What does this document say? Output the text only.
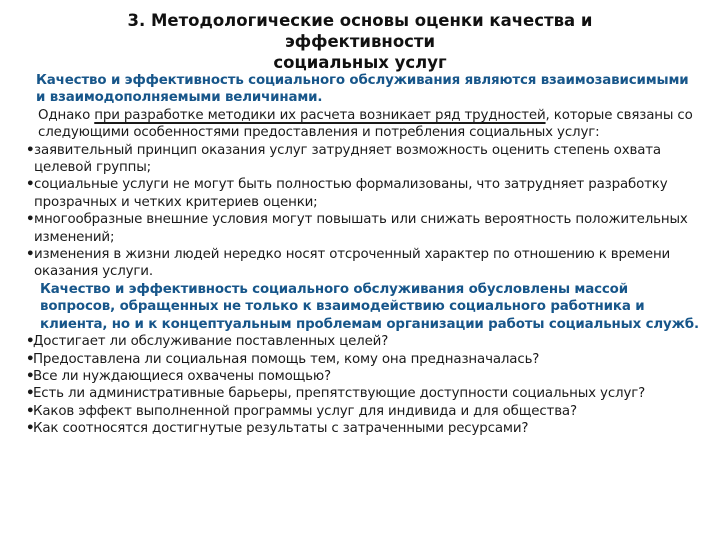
3. Методологические основы оценки качества и эффективности
социальных услуг

Качество и эффективность социального обслуживания являются взаимозависимыми и взаимодополняемыми величинами.

Однако при разработке методики их расчета возникает ряд трудностей, которые связаны со следующими особенностями предоставления и потребления социальных услуг:

• заявительный принцип оказания услуг затрудняет возможность оценить степень охвата целевой группы;
• социальные услуги не могут быть полностью формализованы, что затрудняет разработку прозрачных и четких критериев оценки;
• многообразные внешние условия могут повышать или снижать вероятность положительных изменений;
• изменения в жизни людей нередко носят отсроченный характер по отношению к времени оказания услуги.

Качество и эффективность социального обслуживания обусловлены массой вопросов, обращенных не только к взаимодействию социального работника и клиента, но и к концептуальным проблемам организации работы социальных служб.

•
Достигает ли обслуживание поставленных целей?
•
Предоставлена ли социальная помощь тем, кому она предназначалась?
•
Все ли нуждающиеся охвачены помощью?
•
Есть ли административные барьеры, препятствующие доступности социальных услуг?
•
Каков эффект выполненной программы услуг для индивида и для общества?
•
Как соотносятся достигнутые результаты с затраченными ресурсами?
